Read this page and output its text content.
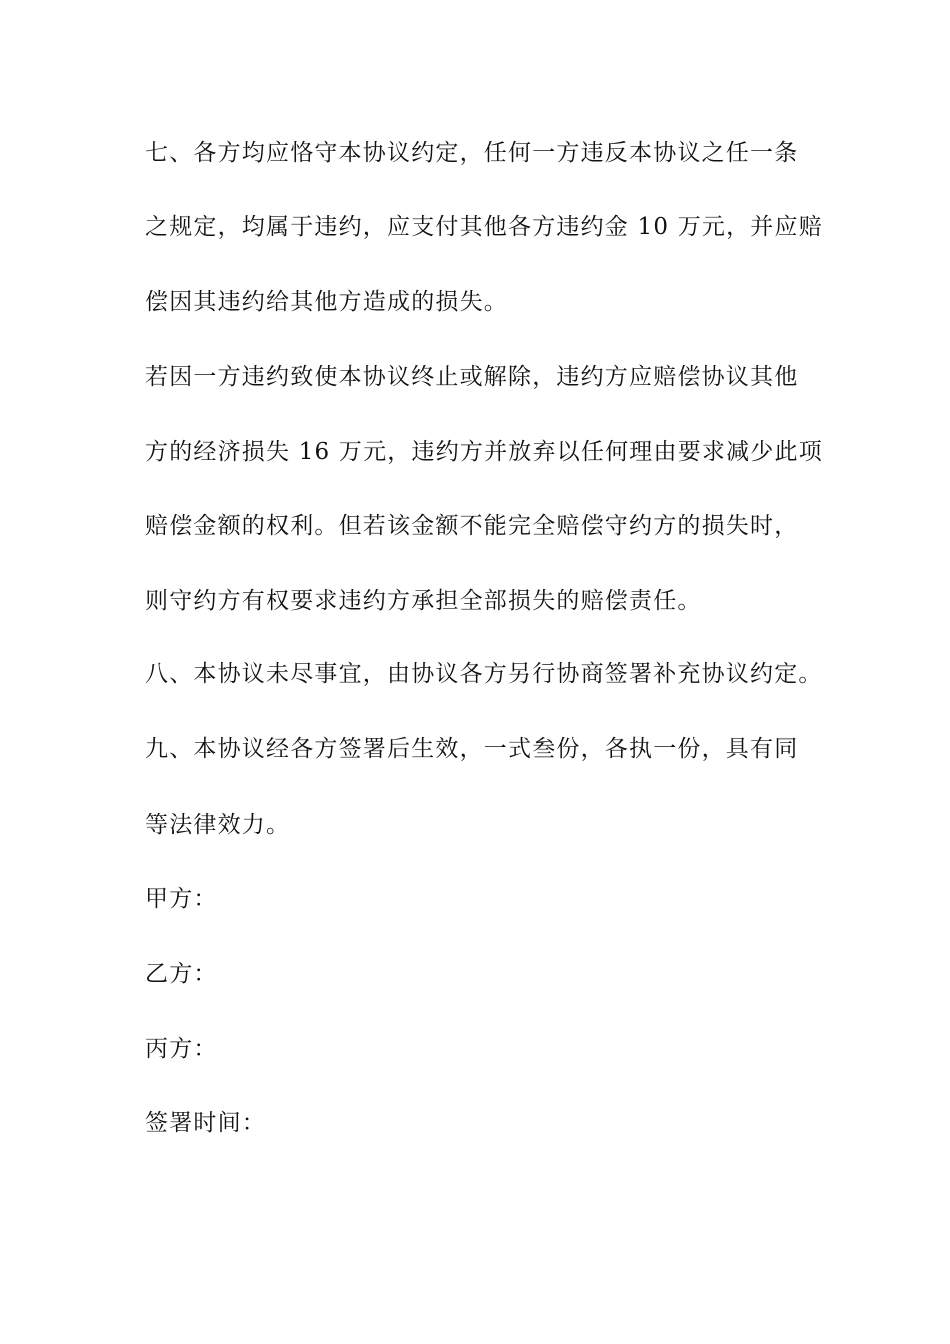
七、各方均应恪守本协议约定，任何一方违反本协议之任一条
之规定，均属于违约，应支付其他各方违约金 10 万元，并应赔
偿因其违约给其他方造成的损失。
若因一方违约致使本协议终止或解除，违约方应赔偿协议其他
方的经济损失 16 万元，违约方并放弃以任何理由要求减少此项
赔偿金额的权利。但若该金额不能完全赔偿守约方的损失时，
则守约方有权要求违约方承担全部损失的赔偿责任。
八、本协议未尽事宜，由协议各方另行协商签署补充协议约定。
九、本协议经各方签署后生效，一式叁份，各执一份，具有同
等法律效力。
甲方：
乙方：
丙方：
签署时间：
